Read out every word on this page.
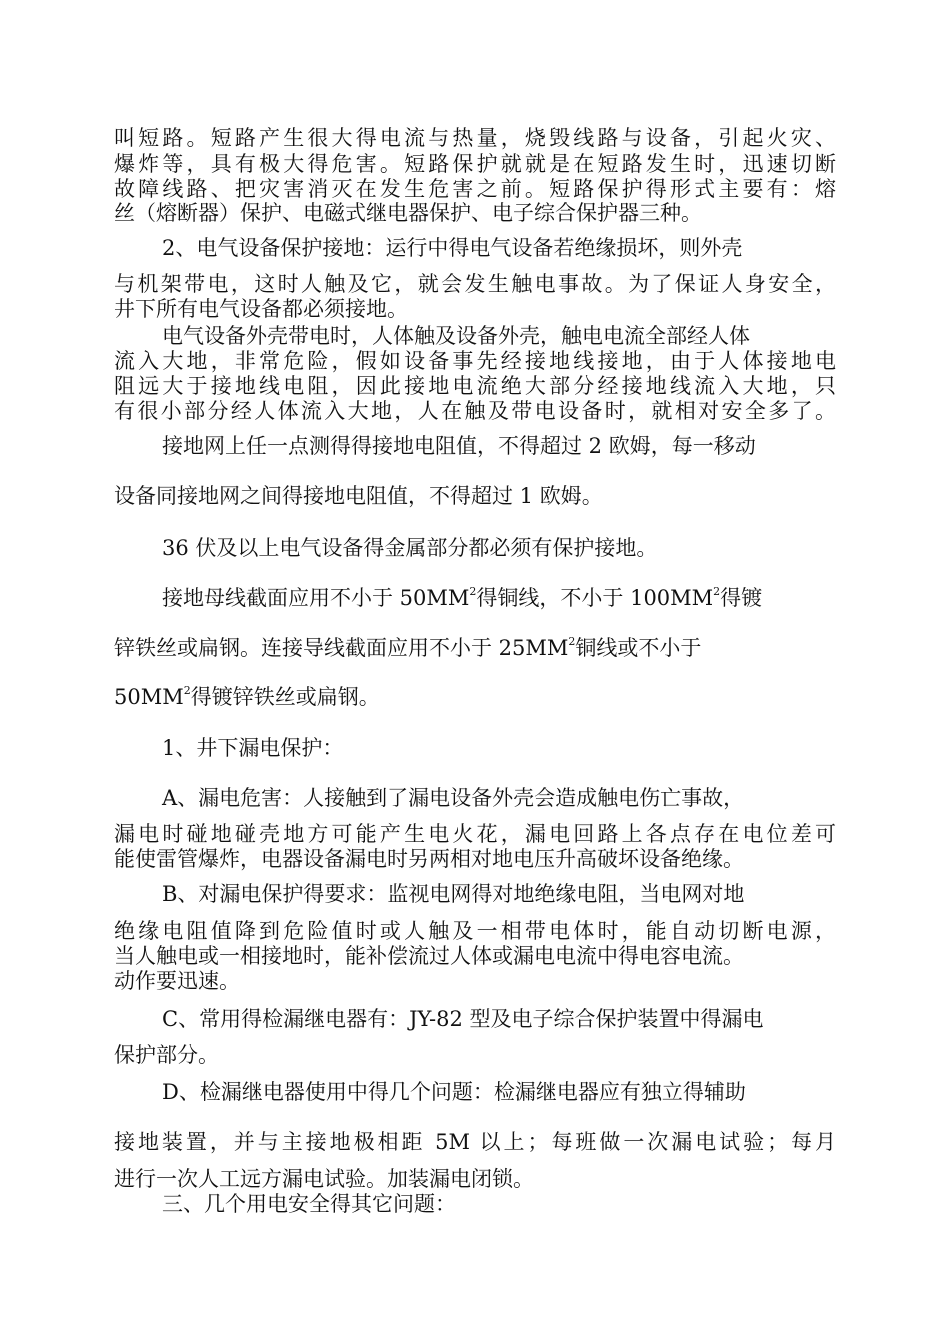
叫短路。短路产生很大得电流与热量，烧毁线路与设备，引起火灾、
爆炸等，具有极大得危害。短路保护就就是在短路发生时，迅速切断
故障线路、把灾害消灭在发生危害之前。短路保护得形式主要有：熔
丝（熔断器）保护、电磁式继电器保护、电子综合保护器三种。
2、电气设备保护接地：运行中得电气设备若绝缘损坏，则外壳
与机架带电，这时人触及它，就会发生触电事故。为了保证人身安全，
井下所有电气设备都必须接地。
电气设备外壳带电时，人体触及设备外壳，触电电流全部经人体
流入大地，非常危险，假如设备事先经接地线接地，由于人体接地电
阻远大于接地线电阻，因此接地电流绝大部分经接地线流入大地，只
有很小部分经人体流入大地，人在触及带电设备时，就相对安全多了。
接地网上任一点测得得接地电阻值，不得超过 2 欧姆，每一移动
设备同接地网之间得接地电阻值，不得超过 1 欧姆。
36 伏及以上电气设备得金属部分都必须有保护接地。
接地母线截面应用不小于 $50MM^2$得铜线，不小于 $100MM^2$得镀
锌铁丝或扁钢。连接导线截面应用不小于 $25MM^2$铜线或不小于
$50MM^2$得镀锌铁丝或扁钢。
1、井下漏电保护：
A、漏电危害：人接触到了漏电设备外壳会造成触电伤亡事故，
漏电时碰地碰壳地方可能产生电火花，漏电回路上各点存在电位差可
能使雷管爆炸，电器设备漏电时另两相对地电压升高破坏设备绝缘。
B、对漏电保护得要求：监视电网得对地绝缘电阻，当电网对地
绝缘电阻值降到危险值时或人触及一相带电体时，能自动切断电源，
当人触电或一相接地时，能补偿流过人体或漏电电流中得电容电流。
动作要迅速。
C、常用得检漏继电器有：JY-82 型及电子综合保护装置中得漏电
保护部分。
D、检漏继电器使用中得几个问题：检漏继电器应有独立得辅助
接地装置，并与主接地极相距 5M 以上；每班做一次漏电试验；每月
进行一次人工远方漏电试验。加装漏电闭锁。
三、几个用电安全得其它问题：
